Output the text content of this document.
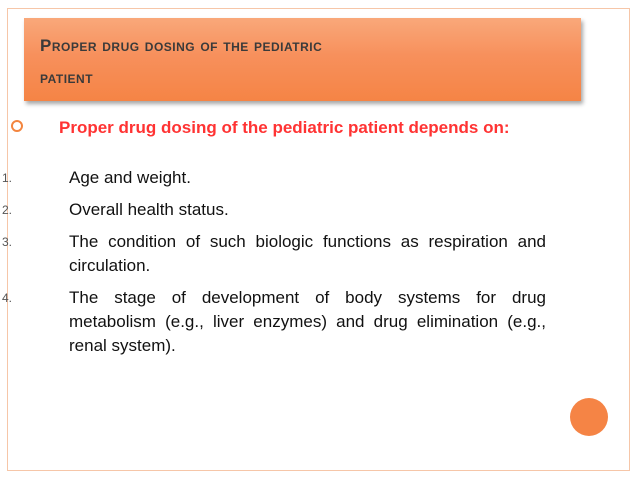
Proper drug dosing of the pediatric
patient
Proper drug dosing of the pediatric patient depends on:
1.	Age and weight.
2.	Overall health status.
3.	The condition of such biologic functions as respiration and circulation.
4.	The stage of development of body systems for drug metabolism (e.g., liver enzymes) and drug elimination (e.g., renal system).
